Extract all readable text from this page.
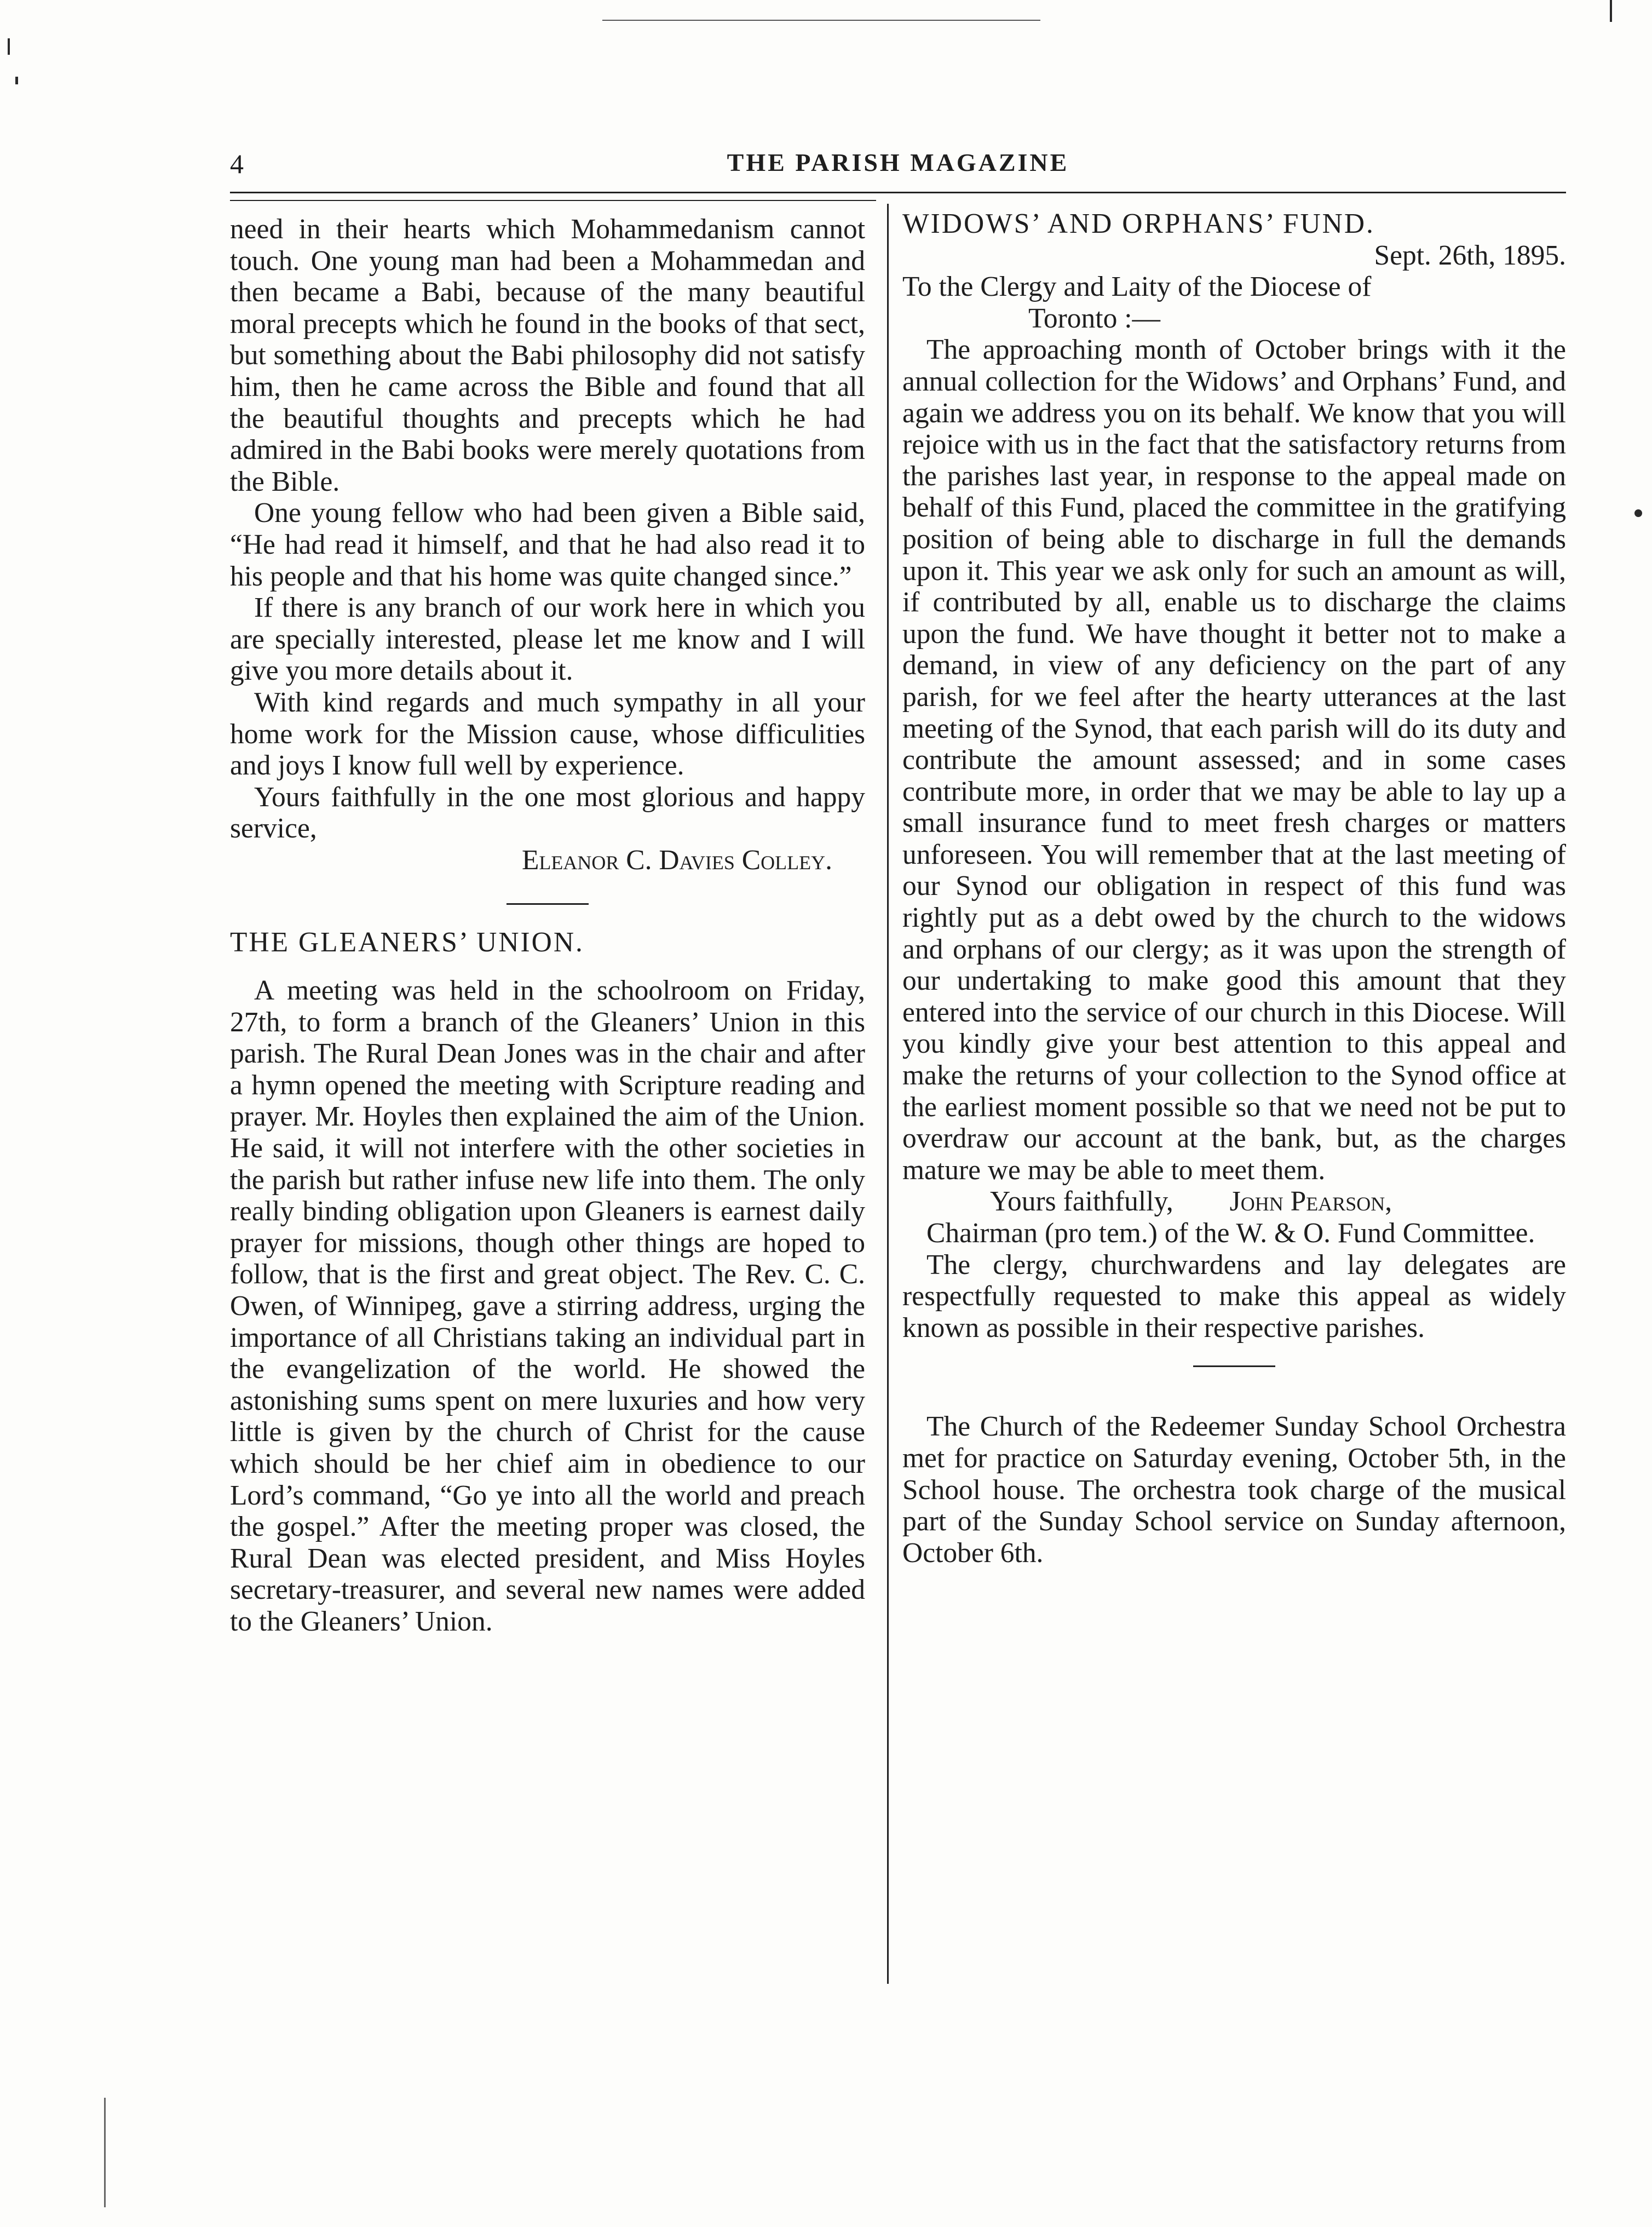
4	THE PARISH MAGAZINE

need in their hearts which Mohammedanism cannot touch. One young man had been a Mohammedan and then became a Babi, because of the many beautiful moral precepts which he found in the books of that sect, but something about the Babi philosophy did not satisfy him, then he came across the Bible and found that all the beautiful thoughts and precepts which he had admired in the Babi books were merely quotations from the Bible.

One young fellow who had been given a Bible said, “He had read it himself, and that he had also read it to his people and that his home was quite changed since.”

If there is any branch of our work here in which you are specially interested, please let me know and I will give you more details about it.

With kind regards and much sympathy in all your home work for the Mission cause, whose difficulities and joys I know full well by experience.

Yours faithfully in the one most glorious and happy service,

Eleanor C. Davies Colley.

THE GLEANERS’ UNION.

A meeting was held in the schoolroom on Friday, 27th, to form a branch of the Gleaners’ Union in this parish. The Rural Dean Jones was in the chair and after a hymn opened the meeting with Scripture reading and prayer. Mr. Hoyles then explained the aim of the Union. He said, it will not interfere with the other societies in the parish but rather infuse new life into them. The only really binding obligation upon Gleaners is earnest daily prayer for missions, though other things are hoped to follow, that is the first and great object. The Rev. C. C. Owen, of Winnipeg, gave a stirring address, urging the importance of all Christians taking an individual part in the evangelization of the world. He showed the astonishing sums spent on mere luxuries and how very little is given by the church of Christ for the cause which should be her chief aim in obedience to our Lord’s command, “Go ye into all the world and preach the gospel.” After the meeting proper was closed, the Rural Dean was elected president, and Miss Hoyles secretary-treasurer, and several new names were added to the Gleaners’ Union.

WIDOWS’ AND ORPHANS’ FUND.

Sept. 26th, 1895.

To the Clergy and Laity of the Diocese of

Toronto :—

The approaching month of October brings with it the annual collection for the Widows’ and Orphans’ Fund, and again we address you on its behalf. We know that you will rejoice with us in the fact that the satisfactory returns from the parishes last year, in response to the appeal made on behalf of this Fund, placed the committee in the gratifying position of being able to discharge in full the demands upon it. This year we ask only for such an amount as will, if contributed by all, enable us to discharge the claims upon the fund. We have thought it better not to make a demand, in view of any deficiency on the part of any parish, for we feel after the hearty utterances at the last meeting of the Synod, that each parish will do its duty and contribute the amount assessed; and in some cases contribute more, in order that we may be able to lay up a small insurance fund to meet fresh charges or matters unforeseen. You will remember that at the last meeting of our Synod our obligation in respect of this fund was rightly put as a debt owed by the church to the widows and orphans of our clergy; as it was upon the strength of our undertaking to make good this amount that they entered into the service of our church in this Diocese. Will you kindly give your best attention to this appeal and make the returns of your collection to the Synod office at the earliest moment possible so that we need not be put to overdraw our account at the bank, but, as the charges mature we may be able to meet them.

Yours faithfully, John Pearson,

Chairman (pro tem.) of the W. & O. Fund Committee.

The clergy, churchwardens and lay delegates are respectfully requested to make this appeal as widely known as possible in their respective parishes.

The Church of the Redeemer Sunday School Orchestra met for practice on Saturday evening, October 5th, in the School house. The orchestra took charge of the musical part of the Sunday School service on Sunday afternoon, October 6th.
